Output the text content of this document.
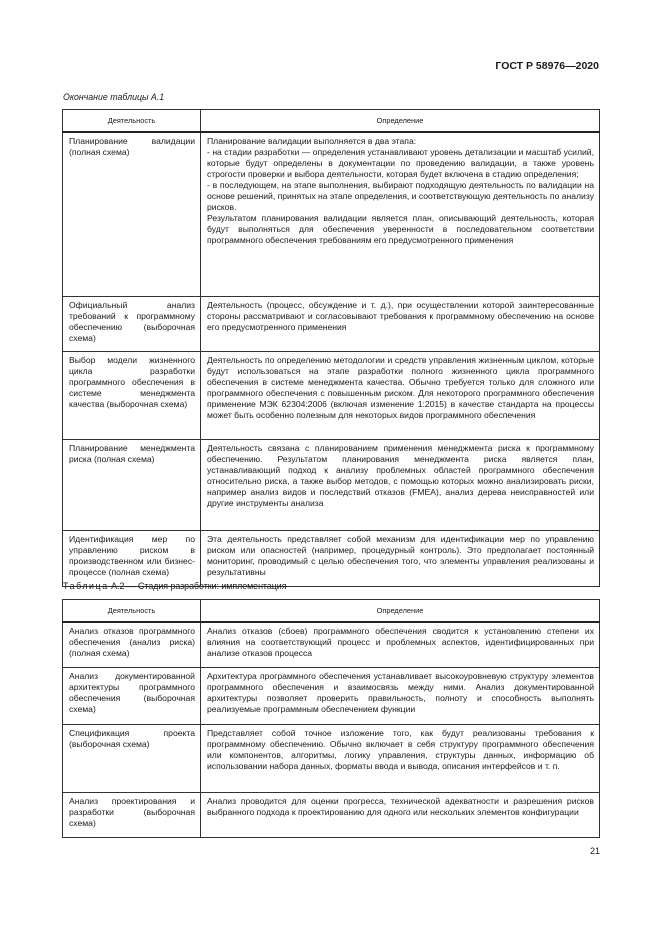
ГОСТ Р 58976—2020
Окончание таблицы А.1
Деятельность	Определение
Планирование валидации (полная схема)	Планирование валидации выполняется в два этапа:
- на стадии разработки — определения устанавливают уровень детализации и масштаб усилий, которые будут определены в документации по проведению валидации, а также уровень строгости проверки и выбора деятельности, которая будет включена в стадию определения;
- в последующем, на этапе выполнения, выбирают подходящую деятельность по валидации на основе решений, принятых на этапе определения, и соответствующую деятельность по анализу рисков.
Результатом планирования валидации является план, описывающий деятельность, которая будут выполняться для обеспечения уверенности в последовательном соответствии программного обеспечения требованиям его предусмотренного применения

Официальный анализ требований к программному обеспечению (выборочная схема)	Деятельность (процесс, обсуждение и т. д.), при осуществлении которой заинтересованные стороны рассматривают и согласовывают требования к программному обеспечению на основе его предусмотренного применения
Выбор модели жизненного цикла разработки программного обеспечения в системе менеджмента качества (выборочная схема)	Деятельность по определению методологии и средств управления жизненным циклом, которые будут использоваться на этапе разработки полного жизненного цикла программного обеспечения в системе менеджмента качества. Обычно требуется только для сложного или программного обеспечения с повышенным риском. Для некоторого программного обеспечения применение МЭК 62304:2006 (включая изменение 1:2015) в качестве стандарта на процессы может быть особенно полезным для некоторых видов программного обеспечения
Планирование менеджмента риска (полная схема)	Деятельность связана с планированием применения менеджмента риска к программному обеспечению. Результатом планирования менеджмента риска является план, устанавливающий подход к анализу проблемных областей программного обеспечения относительно риска, а также выбор методов, с помощью которых можно анализировать риски, например анализ видов и последствий отказов (FMEA), анализ дерева неисправностей или другие инструменты анализа
Идентификация мер по управлению риском в производственном или бизнес-процессе (полная схема)	Эта деятельность представляет собой механизм для идентификации мер по управлению риском или опасностей (например, процедурный контроль). Это предполагает постоянный мониторинг, проводимый с целью обеспечения того, что элементы управления реализованы и результативны
Таблица А.2 — Стадия разработки: имплементация
Деятельность	Определение
Анализ отказов программного обеспечения (анализ риска) (полная схема)	Анализ отказов (сбоев) программного обеспечения сводится к установлению степени их влияния на соответствующий процесс и проблемных аспектов, идентифицированных при анализе отказов процесса
Анализ документированной архитектуры программного обеспечения (выборочная схема)	Архитектура программного обеспечения устанавливает высокоуровневую структуру элементов программного обеспечения и взаимосвязь между ними. Анализ документированной архитектуры позволяет проверить правильность, полноту и способность выполнять реализуемые программным обеспечением функции
Спецификация проекта (выборочная схема)	Представляет собой точное изложение того, как будут реализованы требования к программному обеспечению. Обычно включает в себя структуру программного обеспечения или компонентов, алгоритмы, логику управления, структуры данных, информацию об использовании набора данных, форматы ввода и вывода, описания интерфейсов и т. п.
Анализ проектирования и разработки (выборочная схема)	Анализ проводится для оценки прогресса, технической адекватности и разрешения рисков выбранного подхода к проектированию для одного или нескольких элементов конфигурации
21
